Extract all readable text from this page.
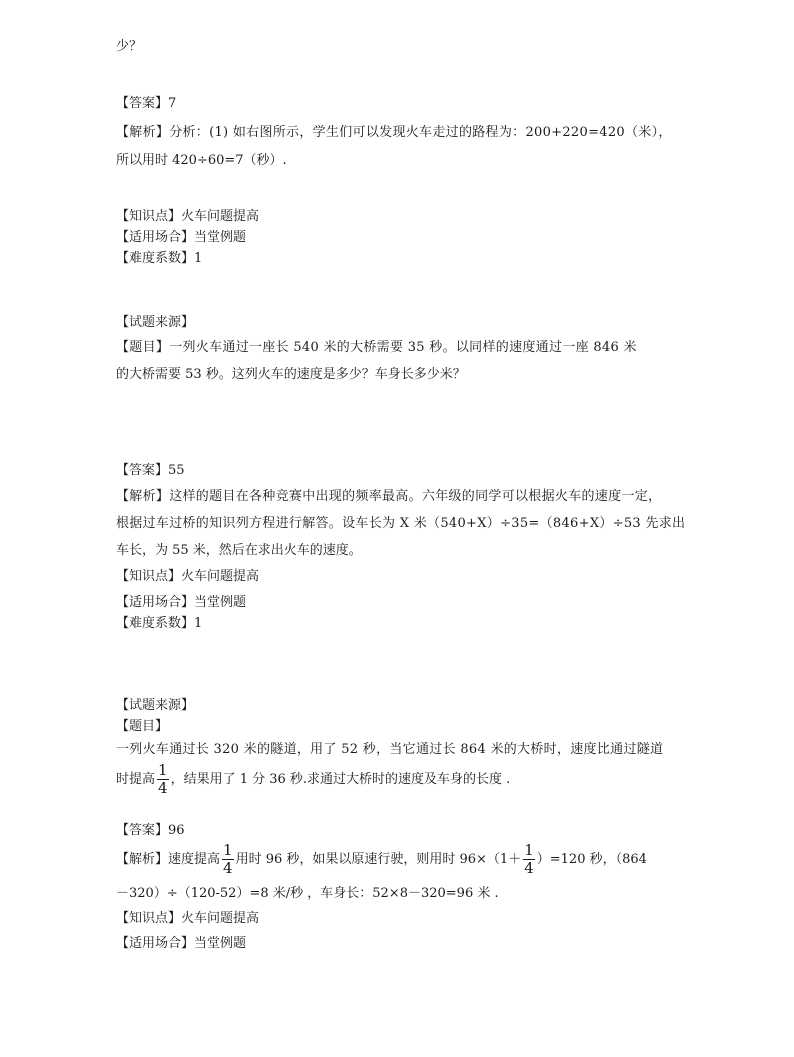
少？
【答案】7
【解析】分析：(1) 如右图所示，学生们可以发现火车走过的路程为：200+220=420（米），
所以用时 420÷60=7（秒）.
【知识点】火车问题提高
【适用场合】当堂例题
【难度系数】1
【试题来源】
【题目】一列火车通过一座长 540 米的大桥需要 35 秒。以同样的速度通过一座 846 米
的大桥需要 53 秒。这列火车的速度是多少？车身长多少米？
【答案】55
【解析】这样的题目在各种竞赛中出现的频率最高。六年级的同学可以根据火车的速度一定，
根据过车过桥的知识列方程进行解答。设车长为 X 米（540+X）÷35=（846+X）÷53 先求出
车长，为 55 米，然后在求出火车的速度。
【知识点】火车问题提高
【适用场合】当堂例题
【难度系数】1
【试题来源】
【题目】
一列火车通过长 320 米的隧道，用了 52 秒，当它通过长 864 米的大桥时，速度比通过隧道
时提高 $\frac{1}{4}$ ，结果用了 1 分 36 秒.求通过大桥时的速度及车身的长度 .
【答案】96
【解析】速度提高 $\frac{1}{4}$ 用时 96 秒，如果以原速行驶，则用时 $96\times(1+ \frac{1}{4} )=120$ 秒，（864
－320）÷（120-52）=8 米/秒 ，车身长：52×8－320=96 米 .
【知识点】火车问题提高
【适用场合】当堂例题
